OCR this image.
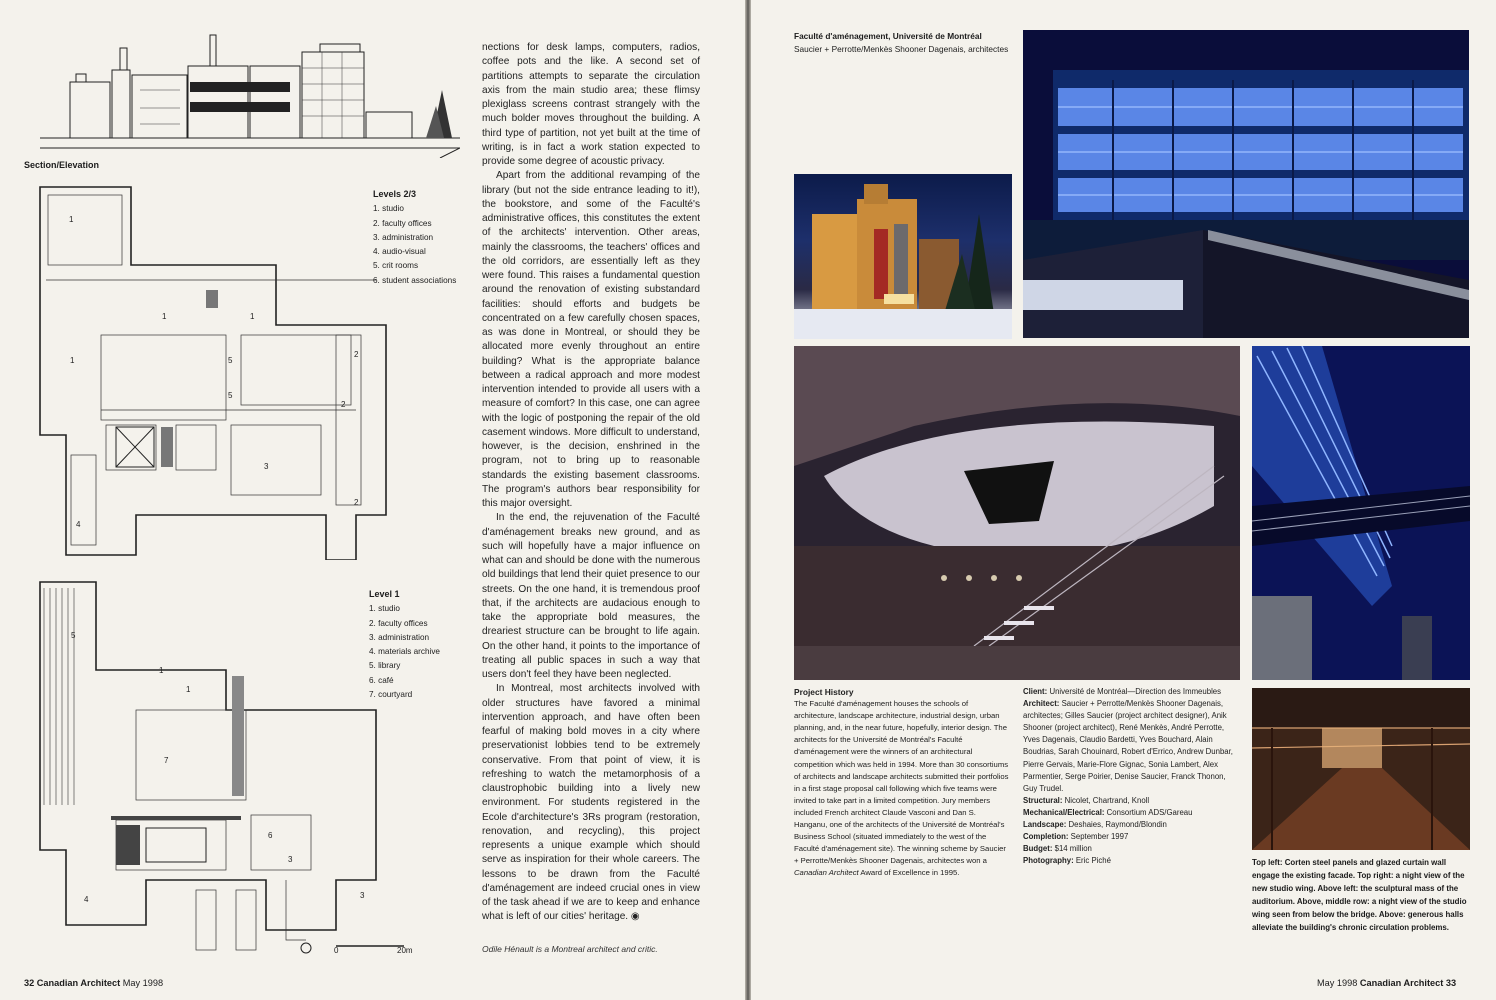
Section/Elevation
1
1	1
1	5
5
2
3
2
4
2
Levels 2/3
1. studio
2. faculty offices
3. administration
4. audio-visual
5. crit rooms
6. student associations
5
1
1
7
6
3
4	3
0	20m
Level 1
1. studio
2. faculty offices
3. administration
4. materials archive
5. library
6. café
7. courtyard

nections for desk lamps, computers, radios, coffee pots and the like. A second set of partitions attempts to separate the circulation axis from the main studio area; these flimsy plexiglass screens contrast strangely with the much bolder moves throughout the building. A third type of partition, not yet built at the time of writing, is in fact a work station expected to provide some degree of acoustic privacy.

Apart from the additional revamping of the library (but not the side entrance leading to it!), the bookstore, and some of the Faculté's administrative offices, this constitutes the extent of the architects' intervention. Other areas, mainly the classrooms, the teachers' offices and the old corridors, are essentially left as they were found. This raises a fundamental question around the renovation of existing substandard facilities: should efforts and budgets be concentrated on a few carefully chosen spaces, as was done in Montreal, or should they be allocated more evenly throughout an entire building? What is the appropriate balance between a radical approach and more modest intervention intended to provide all users with a measure of comfort? In this case, one can agree with the logic of postponing the repair of the old casement windows. More difficult to understand, however, is the decision, enshrined in the program, not to bring up to reasonable standards the existing basement classrooms. The program's authors bear responsibility for this major oversight.

In the end, the rejuvenation of the Faculté d'aménagement breaks new ground, and as such will hopefully have a major influence on what can and should be done with the numerous old buildings that lend their quiet presence to our streets. On the one hand, it is tremendous proof that, if the architects are audacious enough to take the appropriate bold measures, the dreariest structure can be brought to life again. On the other hand, it points to the importance of treating all public spaces in such a way that users don't feel they have been neglected.

In Montreal, most architects involved with older structures have favored a minimal intervention approach, and have often been fearful of making bold moves in a city where preservationist lobbies tend to be extremely conservative. From that point of view, it is refreshing to watch the metamorphosis of a claustrophobic building into a lively new environment. For students registered in the Ecole d'architecture's 3Rs program (restoration, renovation, and recycling), this project represents a unique example which should serve as inspiration for their whole careers. The lessons to be drawn from the Faculté d'aménagement are indeed crucial ones in view of the task ahead if we are to keep and enhance what is left of our cities' heritage. ◉

Odile Hénault is a Montreal architect and critic.
32 Canadian Architect May 1998
Faculté d'aménagement, Université de Montréal
Saucier + Perrotte/Menkès Shooner Dagenais, architectes
Project History
The Faculté d'aménagement houses the schools of architecture, landscape architecture, industrial design, urban planning, and, in the near future, hopefully, interior design. The architects for the Université de Montréal's Faculté d'aménagement were the winners of an architectural competition which was held in 1994. More than 30 consortiums of architects and landscape architects submitted their portfolios in a first stage proposal call following which five teams were invited to take part in a limited competition. Jury members included French architect Claude Vasconi and Dan S. Hanganu, one of the architects of the Université de Montréal's Business School (situated immediately to the west of the Faculté d'aménagement site). The winning scheme by Saucier + Perrotte/Menkès Shooner Dagenais, architectes won a Canadian Architect Award of Excellence in 1995.
Client: Université de Montréal—Direction des Immeubles
Architect: Saucier + Perrotte/Menkès Shooner Dagenais, architectes; Gilles Saucier (project architect designer), Anik Shooner (project architect), René Menkès, André Perrotte, Yves Dagenais, Claudio Bardetti, Yves Bouchard, Alain Boudrias, Sarah Chouinard, Robert d'Errico, Andrew Dunbar, Pierre Gervais, Marie-Flore Gignac, Sonia Lambert, Alex Parmentier, Serge Poirier, Denise Saucier, Franck Thonon, Guy Trudel.
Structural: Nicolet, Chartrand, Knoll
Mechanical/Electrical: Consortium ADS/Gareau
Landscape: Deshaies, Raymond/Blondin
Completion: September 1997
Budget: $14 million
Photography: Eric Piché	Top left: Corten steel panels and glazed curtain wall engage the existing facade. Top right: a night view of the new studio wing. Above left: the sculptural mass of the auditorium. Above, middle row: a night view of the studio wing seen from below the bridge. Above: generous halls alleviate the building's chronic circulation problems.
May 1998 Canadian Architect 33
